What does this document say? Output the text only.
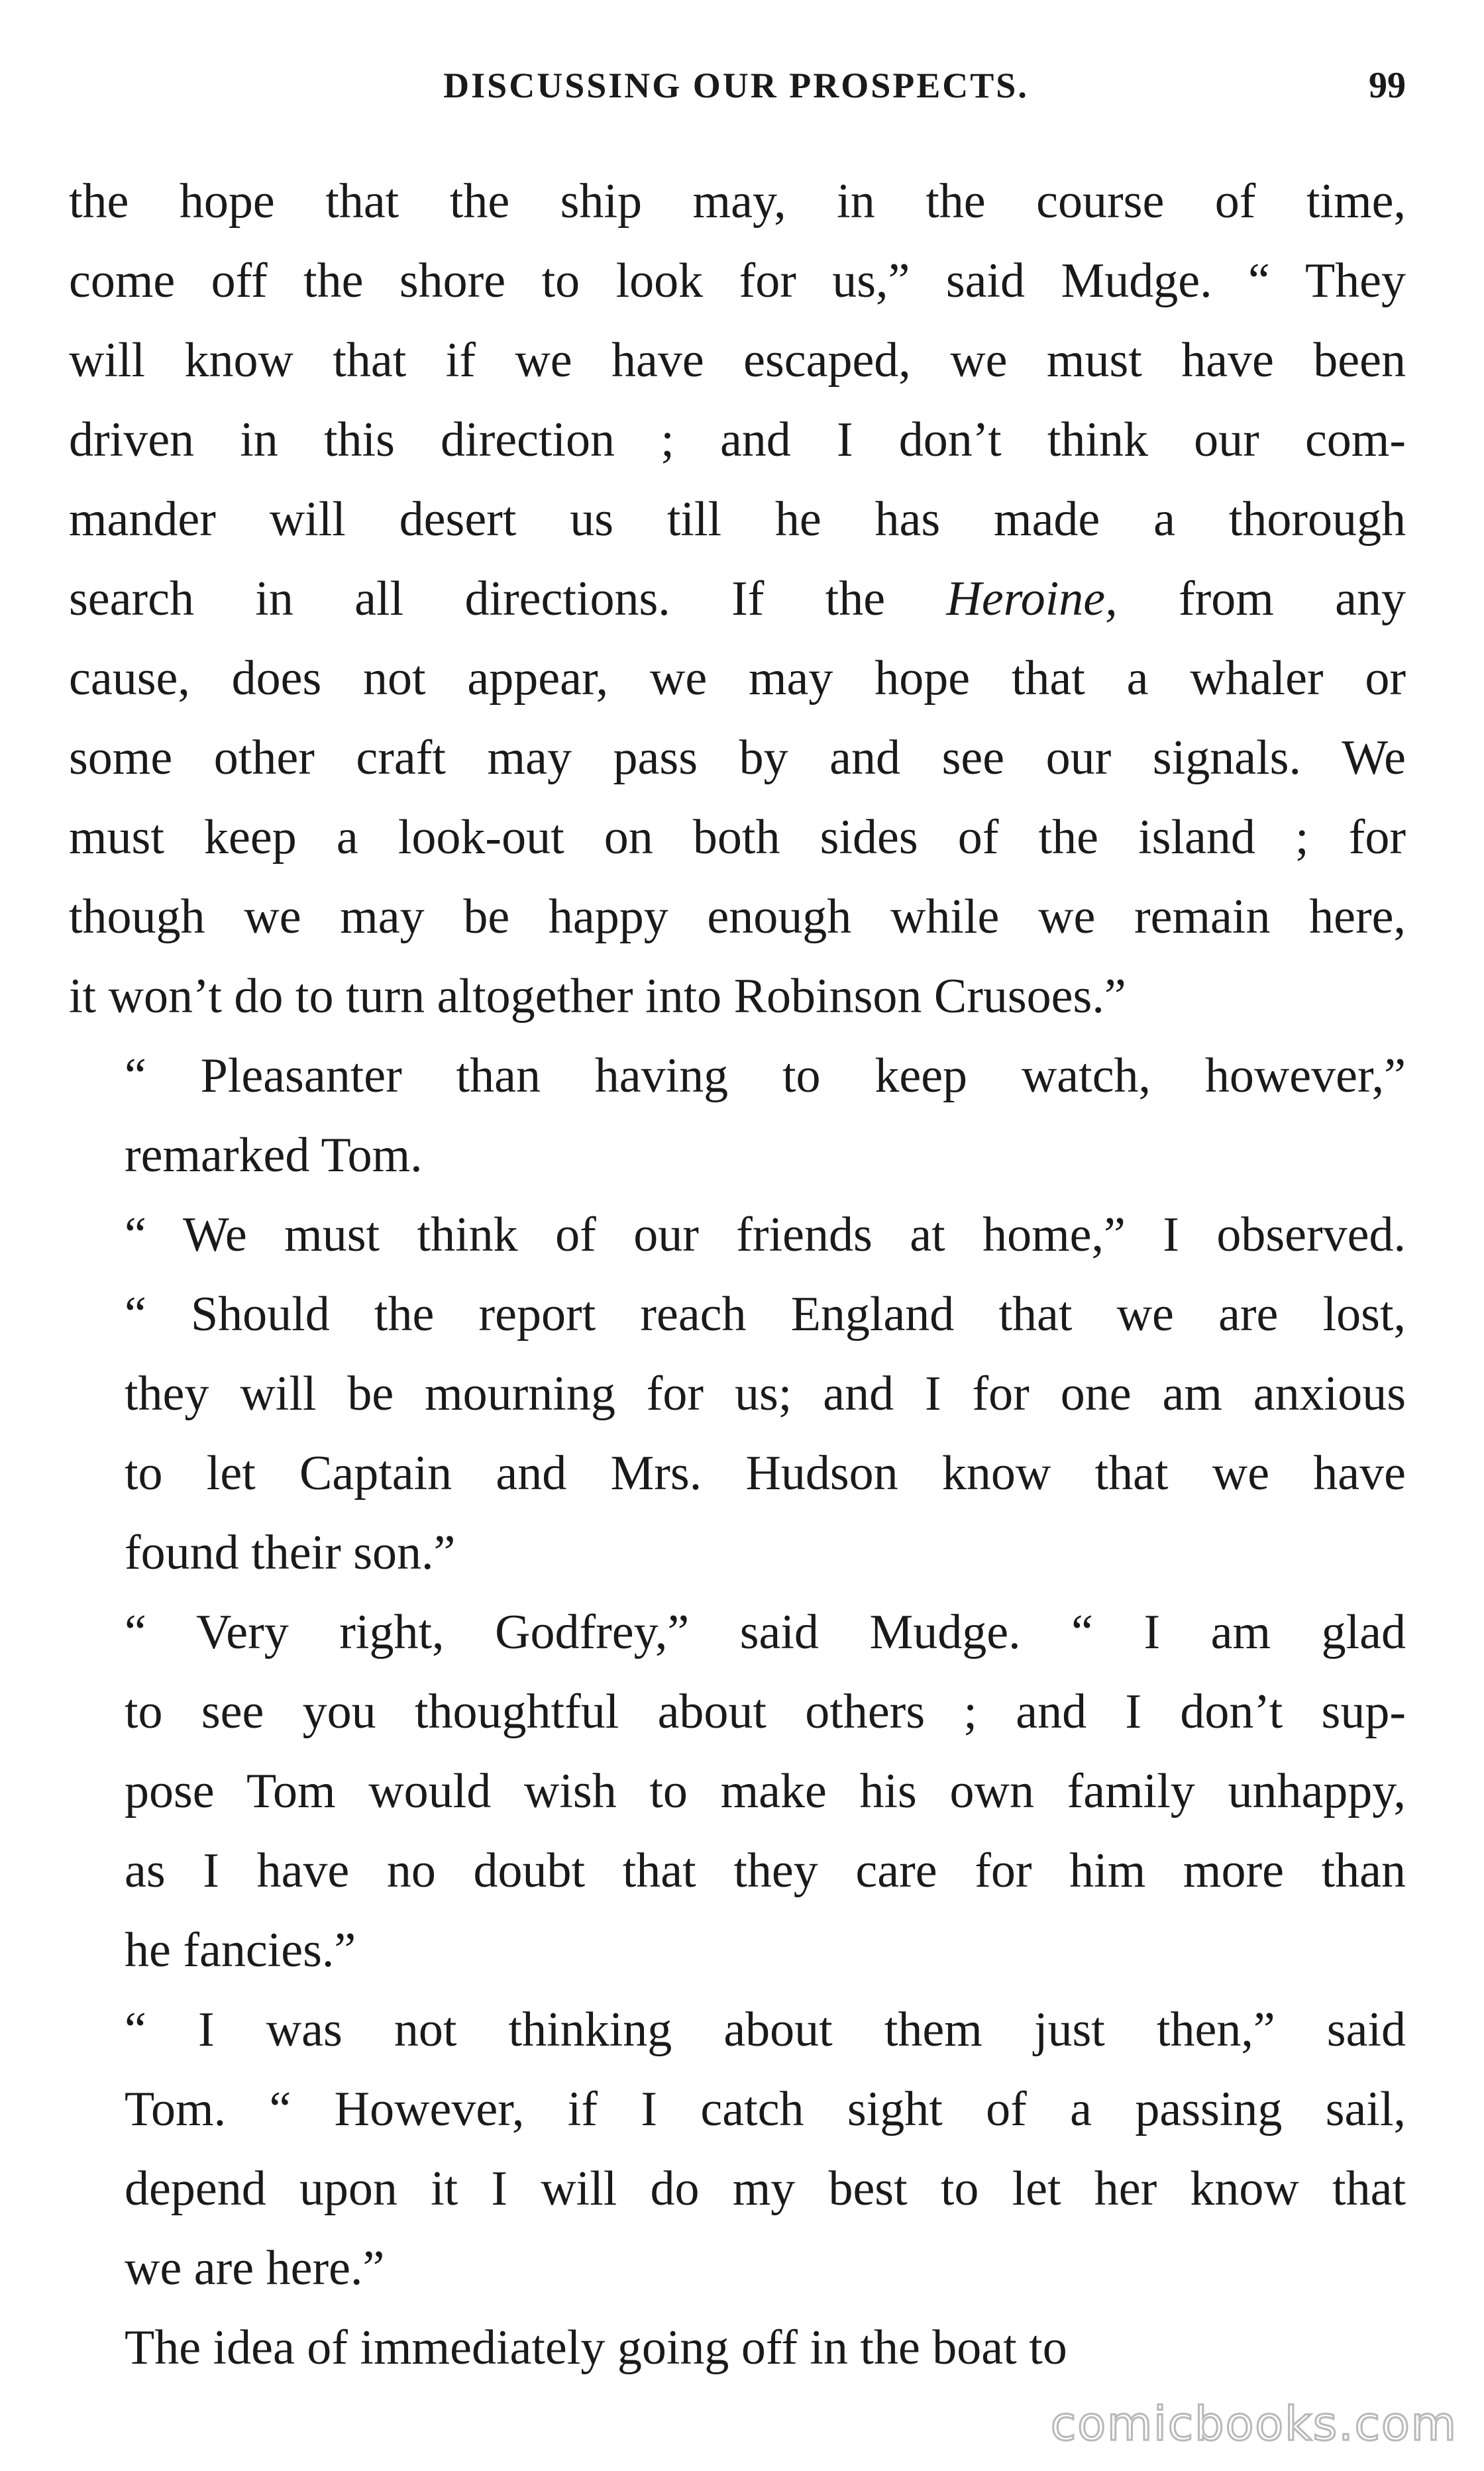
DISCUSSING OUR PROSPECTS.	99

the hope that the ship may, in the course of time,
come off the shore to look for us,” said Mudge. “ They
will know that if we have escaped, we must have been
driven in this direction ; and I don’t think our com-
mander will desert us till he has made a thorough
search in all directions. If the Heroine, from any
cause, does not appear, we may hope that a whaler or
some other craft may pass by and see our signals. We
must keep a look-out on both sides of the island ; for
though we may be happy enough while we remain here,
it won’t do to turn altogether into Robinson Crusoes.”

“ Pleasanter than having to keep watch, however,”
remarked Tom.

“ We must think of our friends at home,” I observed.
“ Should the report reach England that we are lost,
they will be mourning for us; and I for one am anxious
to let Captain and Mrs. Hudson know that we have
found their son.”

“ Very right, Godfrey,” said Mudge. “ I am glad
to see you thoughtful about others ; and I don’t sup-
pose Tom would wish to make his own family unhappy,
as I have no doubt that they care for him more than
he fancies.”

“ I was not thinking about them just then,” said
Tom. “ However, if I catch sight of a passing sail,
depend upon it I will do my best to let her know that
we are here.”

The idea of immediately going off in the boat to

comicbooks.com
